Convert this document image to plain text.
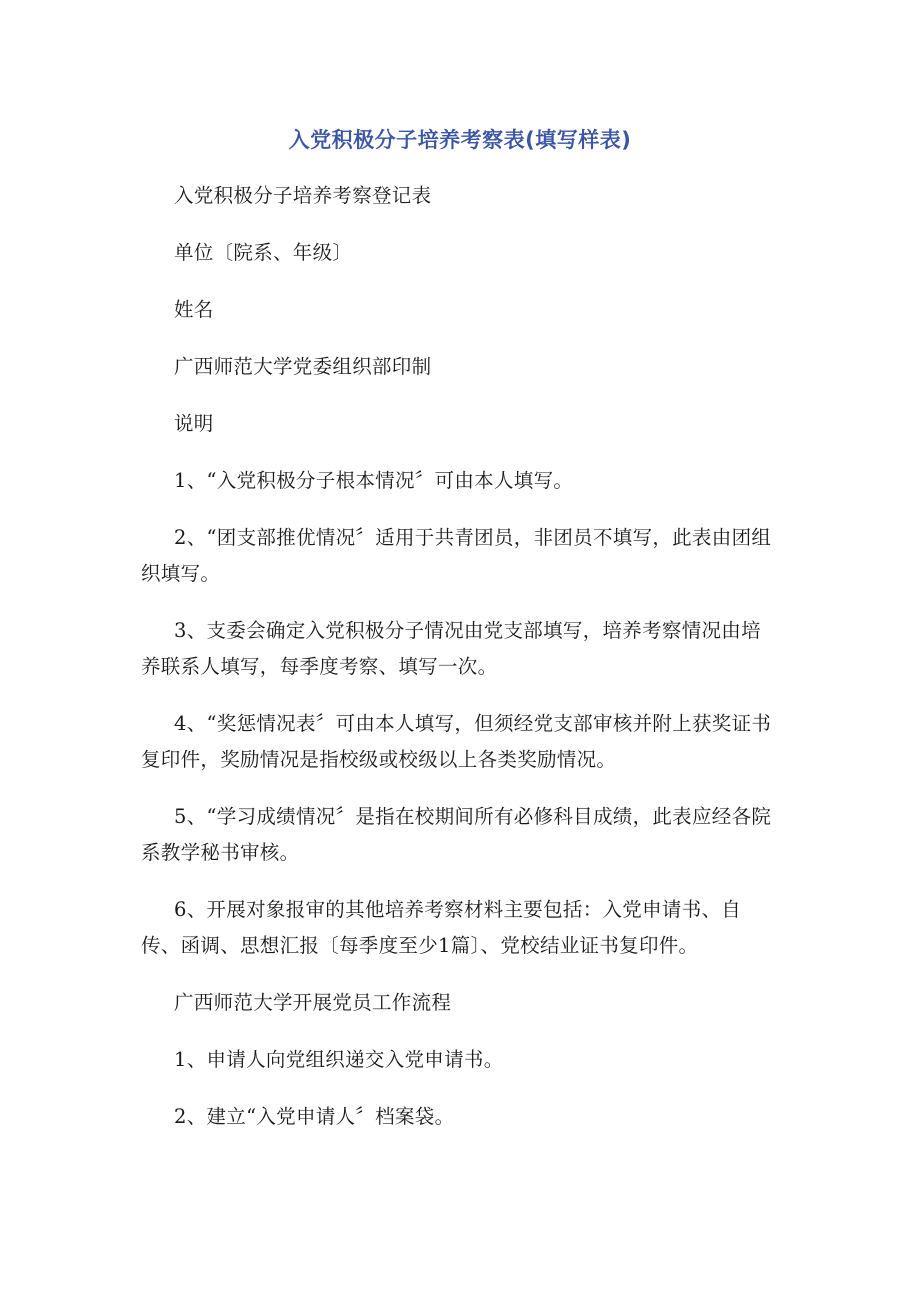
入党积极分子培养考察表(填写样表)

入党积极分子培养考察登记表

单位〔院系、年级〕

姓名

广西师范大学党委组织部印制

说明

1、“入党积极分子根本情况〞可由本人填写。

2、“团支部推优情况〞适用于共青团员，非团员不填写，此表由团组织填写。

3、支委会确定入党积极分子情况由党支部填写，培养考察情况由培养联系人填写，每季度考察、填写一次。

4、“奖惩情况表〞可由本人填写，但须经党支部审核并附上获奖证书复印件，奖励情况是指校级或校级以上各类奖励情况。

5、“学习成绩情况〞是指在校期间所有必修科目成绩，此表应经各院系教学秘书审核。

6、开展对象报审的其他培养考察材料主要包括：入党申请书、自传、函调、思想汇报〔每季度至少1篇〕、党校结业证书复印件。

广西师范大学开展党员工作流程

1、申请人向党组织递交入党申请书。

2、建立“入党申请人〞档案袋。
